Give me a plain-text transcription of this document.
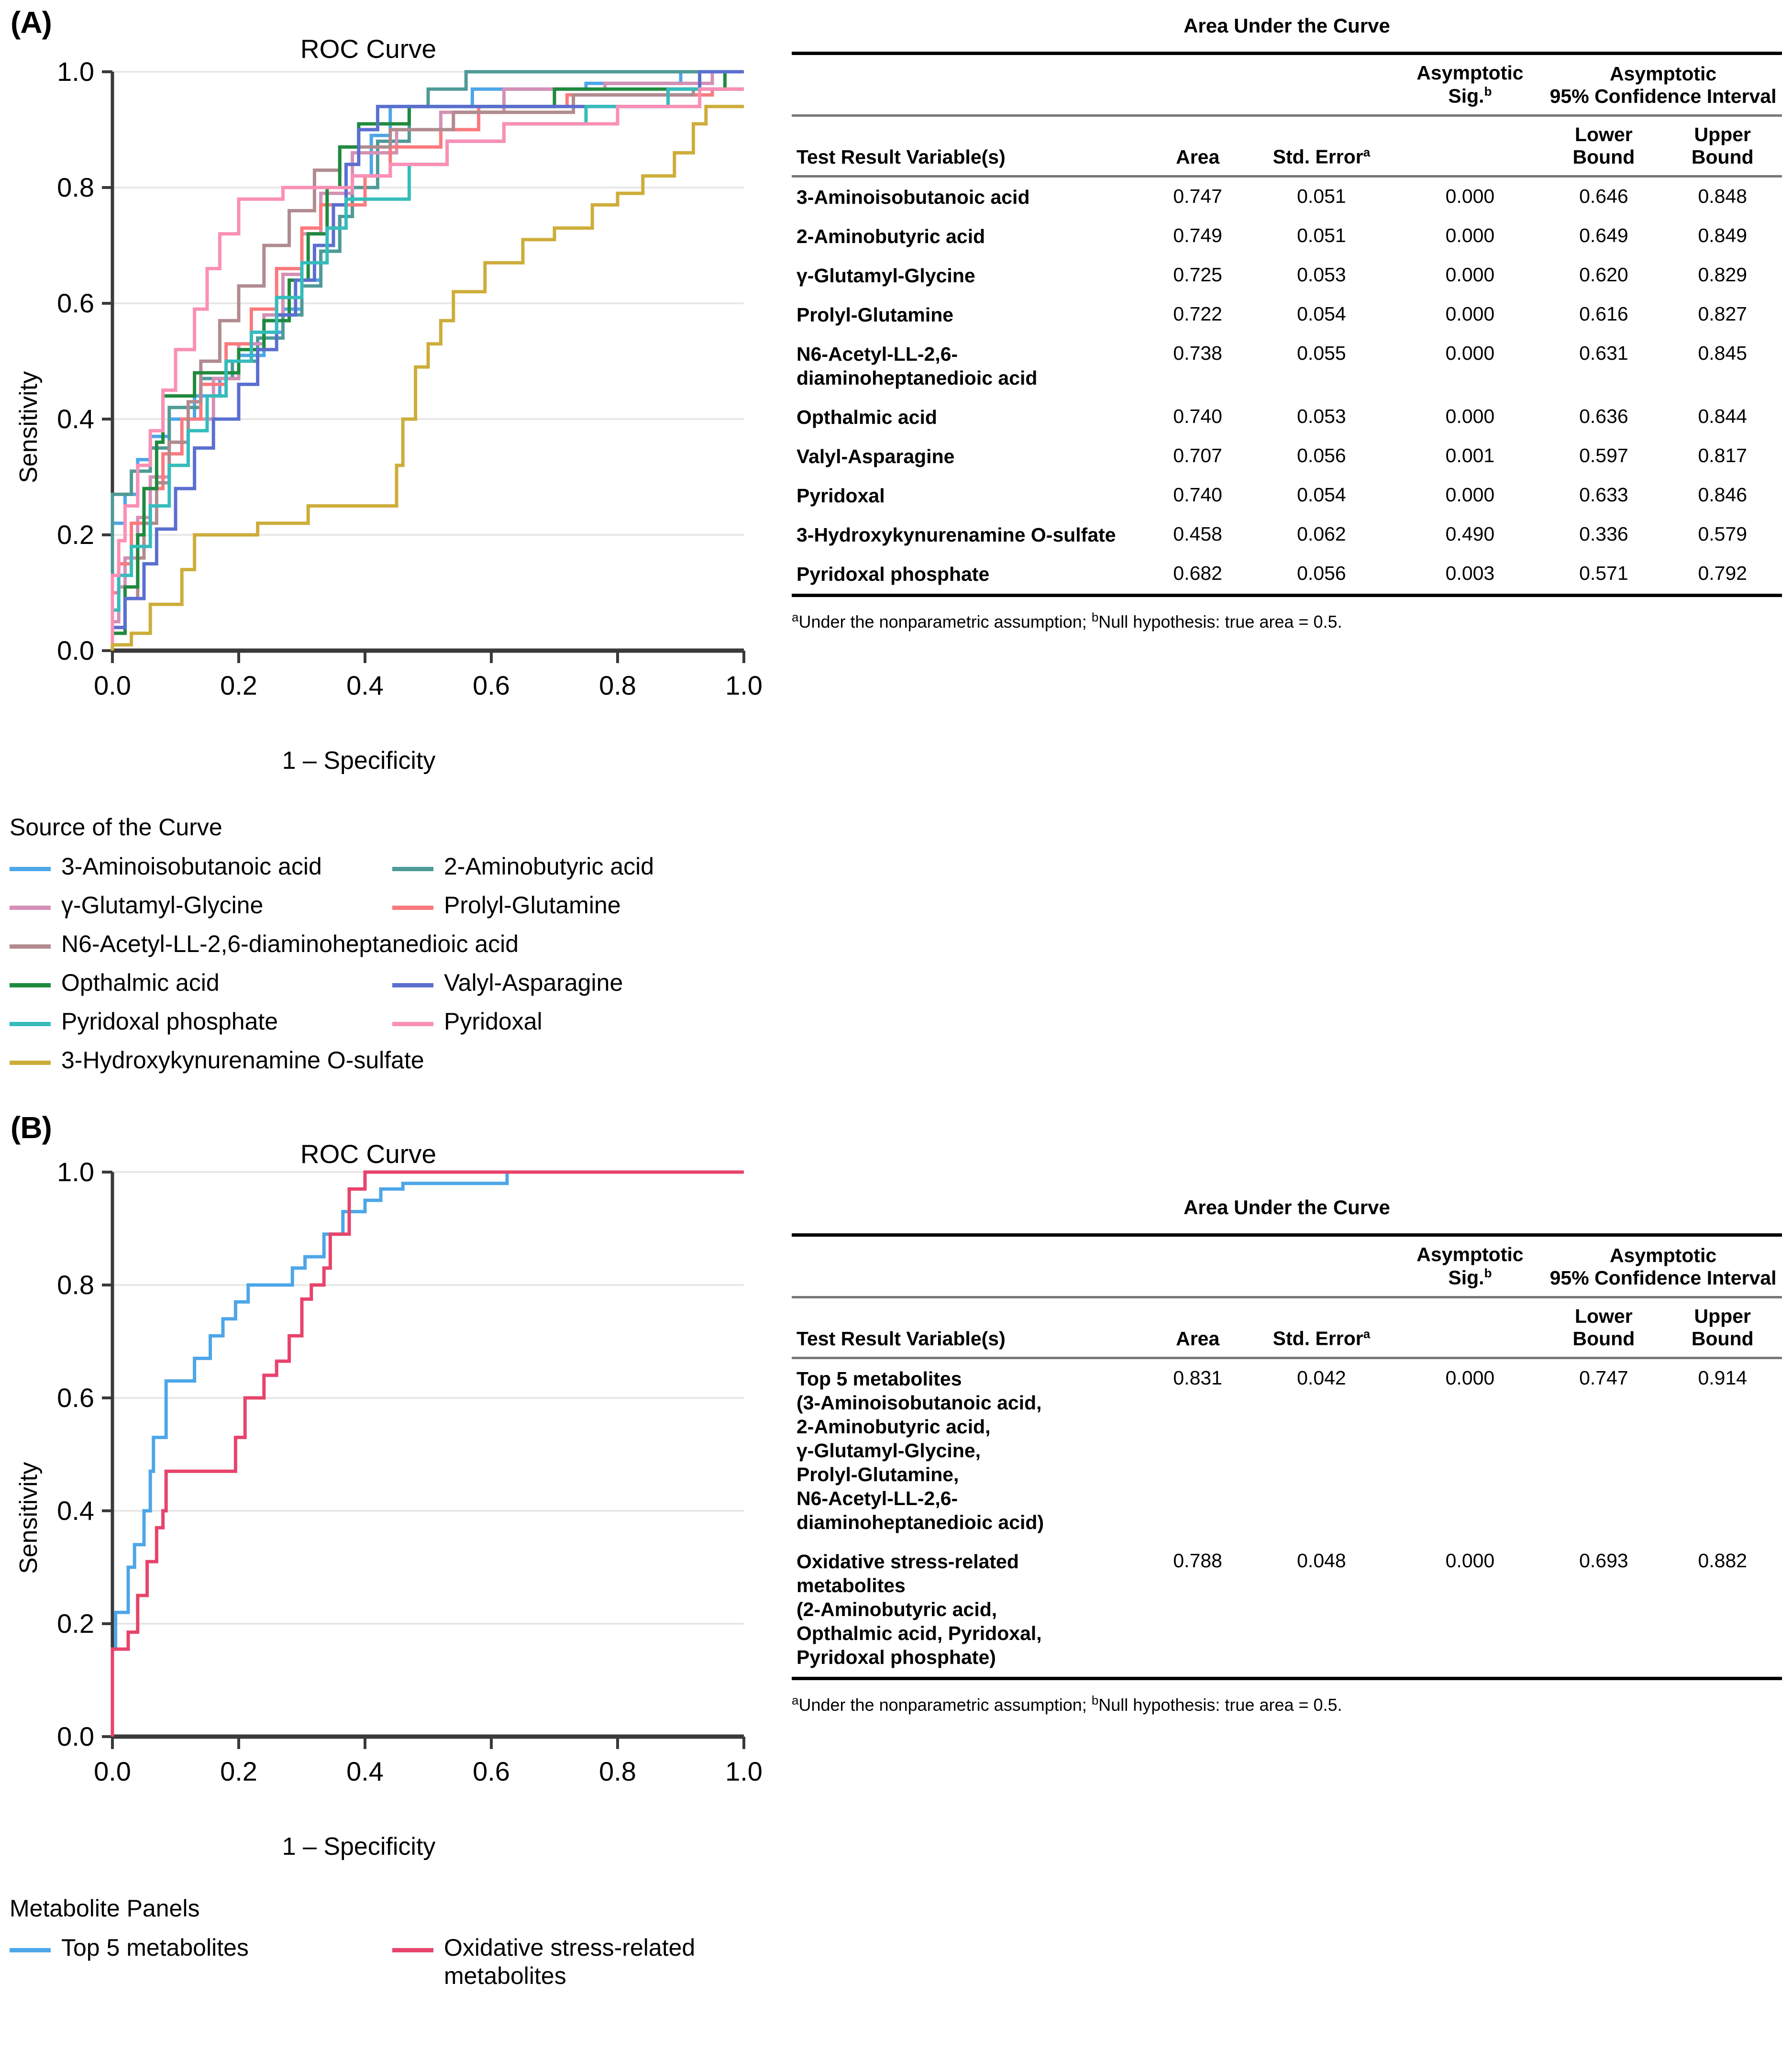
(A)
ROC Curve
0.0
0.2
0.4
0.6
0.8
1.0
0.0	0.2	0.4	0.6	0.8	1.0
1 – Specificity
Sensitivity
Source of the Curve
3-Aminoisobutanoic acid	2-Aminobutyric acid
γ-Glutamyl-Glycine	Prolyl-Glutamine
N6-Acetyl-LL-2,6-diaminoheptanedioic acid
Opthalmic acid	Valyl-Asparagine
Pyridoxal phosphate	Pyridoxal
3-Hydroxykynurenamine O-sulfate
Area Under the Curve

Asymptotic
Sig.$^b$

Asymptotic
95% Confidence Interval

Test Result Variable(s)	Area	Std. Error$^a$		
Lower
Bound

Upper
Bound

3-Aminoisobutanoic acid	0.747	0.051	0.000	0.646	0.848
2-Aminobutyric acid	0.749	0.051	0.000	0.649	0.849
γ-Glutamyl-Glycine	0.725	0.053	0.000	0.620	0.829
Prolyl-Glutamine	0.722	0.054	0.000	0.616	0.827
N6-Acetyl-LL-2,6-diaminoheptanedioic acid	0.738	0.055	0.000	0.631	0.845
Opthalmic acid	0.740	0.053	0.000	0.636	0.844
Valyl-Asparagine	0.707	0.056	0.001	0.597	0.817
Pyridoxal	0.740	0.054	0.000	0.633	0.846
3-Hydroxykynurenamine O-sulfate	0.458	0.062	0.490	0.336	0.579
Pyridoxal phosphate	0.682	0.056	0.003	0.571	0.792

$^a$Under the nonparametric assumption; $^b$Null hypothesis: true area = 0.5.
(B)
ROC Curve
0.0
0.2
0.4
0.6
0.8
1.0
0.0	0.2	0.4	0.6	0.8	1.0
1 – Specificity
Sensitivity
Metabolite Panels
Top 5 metabolites	Oxidative stress-related metabolites
Area Under the Curve

Asymptotic
Sig.$^b$

Asymptotic
95% Confidence Interval

Test Result Variable(s)	Area	Std. Error$^a$		
Lower
Bound

Upper
Bound

Top 5 metabolites
(3-Aminoisobutanoic acid,
2-Aminobutyric acid,
γ-Glutamyl-Glycine,
Prolyl-Glutamine,
N6-Acetyl-LL-2,6-
diaminoheptanedioic acid)	0.831	0.042	0.000	0.747	0.914
Oxidative stress-related
metabolites
(2-Aminobutyric acid,
Opthalmic acid, Pyridoxal,
Pyridoxal phosphate)	0.788	0.048	0.000	0.693	0.882

$^a$Under the nonparametric assumption; $^b$Null hypothesis: true area = 0.5.
